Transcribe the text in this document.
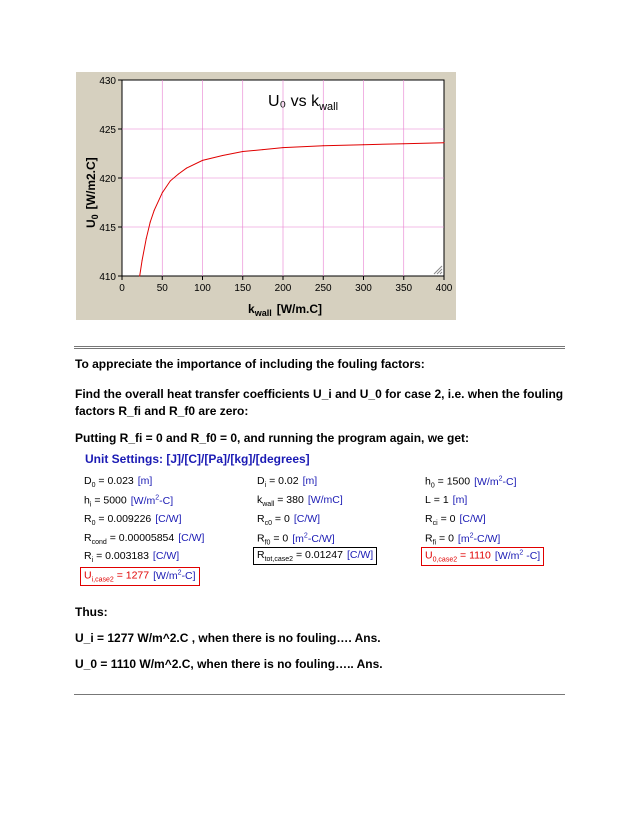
0	50	100 150 200 250 300 350 400
410
415
420
425
430
U₀ vs $k_{wall}$
$k_{wall}$ [W/m.C]
$U_0[W/m2.C]$

To appreciate the importance of including the fouling factors:

Find the overall heat transfer coefficients U_i and U_0 for case 2, i.e. when the fouling factors R_fi and R_f0 are zero:

Putting R_fi = 0 and R_f0 = 0, and running the program again, we get:

Unit Settings: [J]/[C]/[Pa]/[kg]/[degrees]
$D_0 = 0.023$ [m]	$D_i = 0.02$ [m]	$h_0 = 1500$ $[W/m^2-C]$
$h_i = 5000$ $[W/m^2-C]$	$k_{wall} = 380$ [W/mC]	L = 1 [m]
$R_0 = 0.009226$ [C/W]	$R_{c0} = 0$ [C/W]	$R_{ci} = 0$ [C/W]
$R_{cond} = 0.00005854$ [C/W]	$R_{f0} = 0$ $[m^2-C/W]$	$R_{fi} = 0$ $[m^2-C/W]$
$R_i = 0.003183$ [C/W]	$R_{tot,case2} = 0.01247$ [C/W]	$U_{0,case2} = 1110$ [$W/m^2$ -C]
$U_{i,case2} = 1277$ $[W/m^2-C]$

Thus:

U_i = 1277 W/m^2.C , when there is no fouling…. Ans.

U_0 = 1110 W/m^2.C, when there is no fouling….. Ans.
